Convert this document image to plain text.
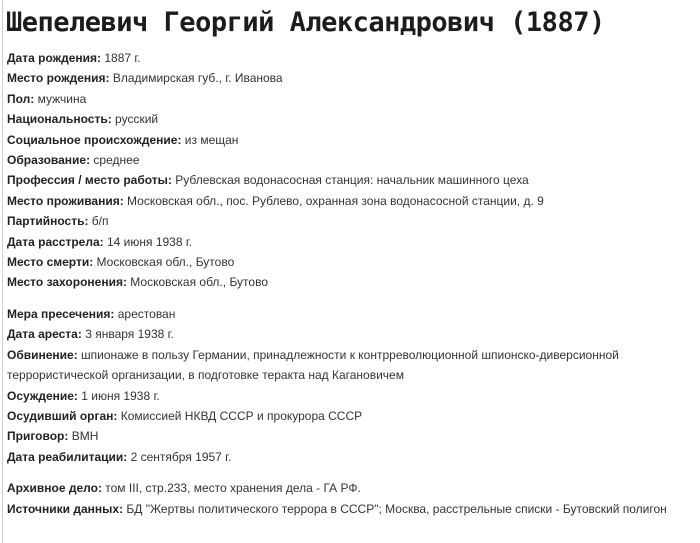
Шепелевич Георгий Александрович (1887)
Дата рождения: 1887 г.
Место рождения: Владимирская губ., г. Иванова
Пол: мужчина
Национальность: русский
Социальное происхождение: из мещан
Образование: среднее
Профессия / место работы: Рублевская водонасосная станция: начальник машинного цеха
Место проживания: Московская обл., пос. Рублево, охранная зона водонасосной станции, д. 9
Партийность: б/п
Дата расстрела: 14 июня 1938 г.
Место смерти: Московская обл., Бутово
Место захоронения: Московская обл., Бутово
Мера пресечения: арестован
Дата ареста: 3 января 1938 г.
Обвинение: шпионаже в пользу Германии, принадлежности к контрреволюционной шпионско-диверсионной террористической организации, в подготовке теракта над Кагановичем
Осуждение: 1 июня 1938 г.
Осудивший орган: Комиссией НКВД СССР и прокурора СССР
Приговор: ВМН
Дата реабилитации: 2 сентября 1957 г.
Архивное дело: том III, стр.233, место хранения дела - ГА РФ.
Источники данных: БД "Жертвы политического террора в СССР"; Москва, расстрельные списки - Бутовский полигон
